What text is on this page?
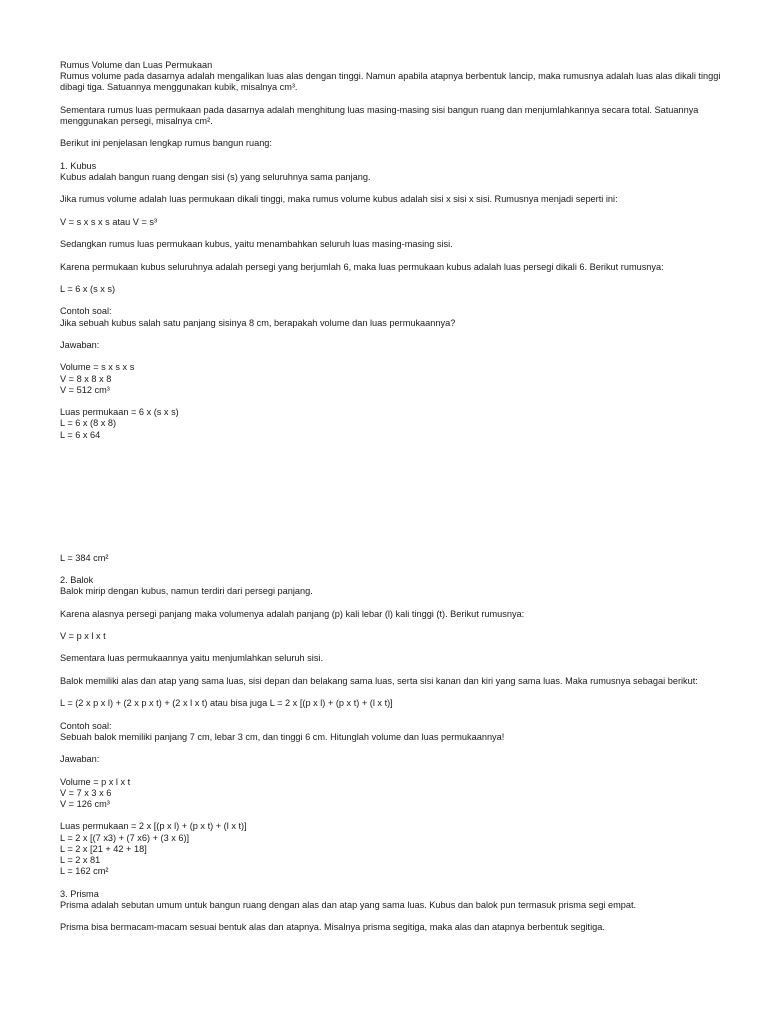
Rumus Volume dan Luas Permukaan
Rumus volume pada dasarnya adalah mengalikan luas alas dengan tinggi. Namun apabila atapnya berbentuk lancip, maka rumusnya adalah luas alas dikali tinggi
dibagi tiga. Satuannya menggunakan kubik, misalnya cm³.
Sementara rumus luas permukaan pada dasarnya adalah menghitung luas masing-masing sisi bangun ruang dan menjumlahkannya secara total. Satuannya
menggunakan persegi, misalnya cm².
Berikut ini penjelasan lengkap rumus bangun ruang:
1. Kubus
Kubus adalah bangun ruang dengan sisi (s) yang seluruhnya sama panjang.
Jika rumus volume adalah luas permukaan dikali tinggi, maka rumus volume kubus adalah sisi x sisi x sisi. Rumusnya menjadi seperti ini:
V = s x s x s atau V = s³
Sedangkan rumus luas permukaan kubus, yaitu menambahkan seluruh luas masing-masing sisi.
Karena permukaan kubus seluruhnya adalah persegi yang berjumlah 6, maka luas permukaan kubus adalah luas persegi dikali 6. Berikut rumusnya:
L = 6 x (s x s)
Contoh soal:
Jika sebuah kubus salah satu panjang sisinya 8 cm, berapakah volume dan luas permukaannya?
Jawaban:
Volume = s x s x s
V = 8 x 8 x 8
V = 512 cm³
Luas permukaan = 6 x (s x s)
L = 6 x (8 x 8)
L = 6 x 64
L = 384 cm²
2. Balok
Balok mirip dengan kubus, namun terdiri dari persegi panjang.
Karena alasnya persegi panjang maka volumenya adalah panjang (p) kali lebar (l) kali tinggi (t). Berikut rumusnya:
V = p x l x t
Sementara luas permukaannya yaitu menjumlahkan seluruh sisi.
Balok memiliki alas dan atap yang sama luas, sisi depan dan belakang sama luas, serta sisi kanan dan kiri yang sama luas. Maka rumusnya sebagai berikut:
L = (2 x p x l) + (2 x p x t) + (2 x l x t) atau bisa juga L = 2 x [(p x l) + (p x t) + (l x t)]
Contoh soal:
Sebuah balok memiliki panjang 7 cm, lebar 3 cm, dan tinggi 6 cm. Hitunglah volume dan luas permukaannya!
Jawaban:
Volume = p x l x t
V = 7 x 3 x 6
V = 126 cm³
Luas permukaan = 2 x [(p x l) + (p x t) + (l x t)]
L = 2 x [(7 x3) + (7 x6) + (3 x 6)]
L = 2 x [21 + 42 + 18]
L = 2 x 81
L = 162 cm²
3. Prisma
Prisma adalah sebutan umum untuk bangun ruang dengan alas dan atap yang sama luas. Kubus dan balok pun termasuk prisma segi empat.
Prisma bisa bermacam-macam sesuai bentuk alas dan atapnya. Misalnya prisma segitiga, maka alas dan atapnya berbentuk segitiga.
